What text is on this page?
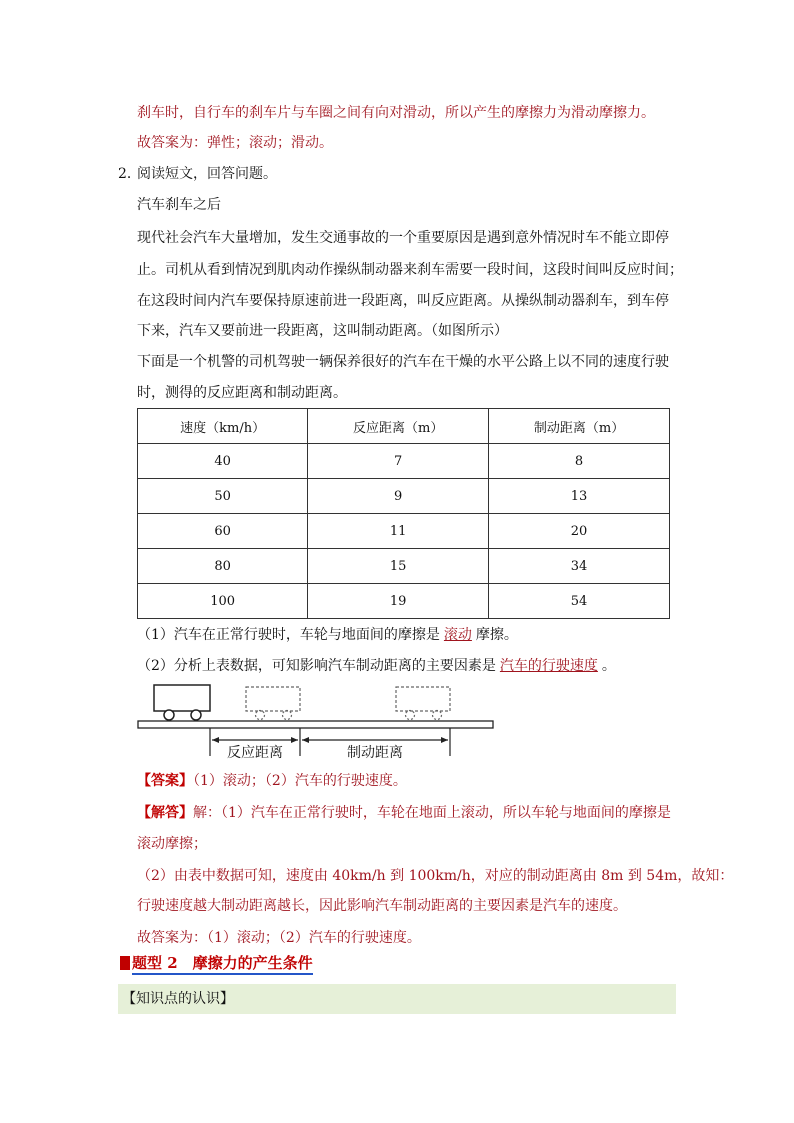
刹车时，自行车的刹车片与车圈之间有向对滑动，所以产生的摩擦力为滑动摩擦力。
故答案为：弹性；滚动；滑动。
2．
阅读短文，回答问题。
汽车刹车之后
现代社会汽车大量增加，发生交通事故的一个重要原因是遇到意外情况时车不能立即停
止。司机从看到情况到肌肉动作操纵制动器来刹车需要一段时间，这段时间叫反应时间；
在这段时间内汽车要保持原速前进一段距离，叫反应距离。从操纵制动器刹车，到车停
下来，汽车又要前进一段距离，这叫制动距离。（如图所示）
下面是一个机警的司机驾驶一辆保养很好的汽车在干燥的水平公路上以不同的速度行驶
时，测得的反应距离和制动距离。
速度（km/h）	反应距离（m）	制动距离（m）
40	7	8
50	9	13
60	11	20
80	15	34
100	19	54
（1）汽车在正常行驶时，车轮与地面间的摩擦是 滚动 摩擦。
（2）分析上表数据，可知影响汽车制动距离的主要因素是 汽车的行驶速度 。
反应距离	制动距离
【答案】（1）滚动；（2）汽车的行驶速度。
【解答】解：（1）汽车在正常行驶时，车轮在地面上滚动，所以车轮与地面间的摩擦是
滚动摩擦；
（2）由表中数据可知，速度由 40km/h 到 100km/h，对应的制动距离由 8m 到 54m，故知：
行驶速度越大制动距离越长，因此影响汽车制动距离的主要因素是汽车的速度。
故答案为：（1）滚动；（2）汽车的行驶速度。
题型 2　摩擦力的产生条件
【知识点的认识】
